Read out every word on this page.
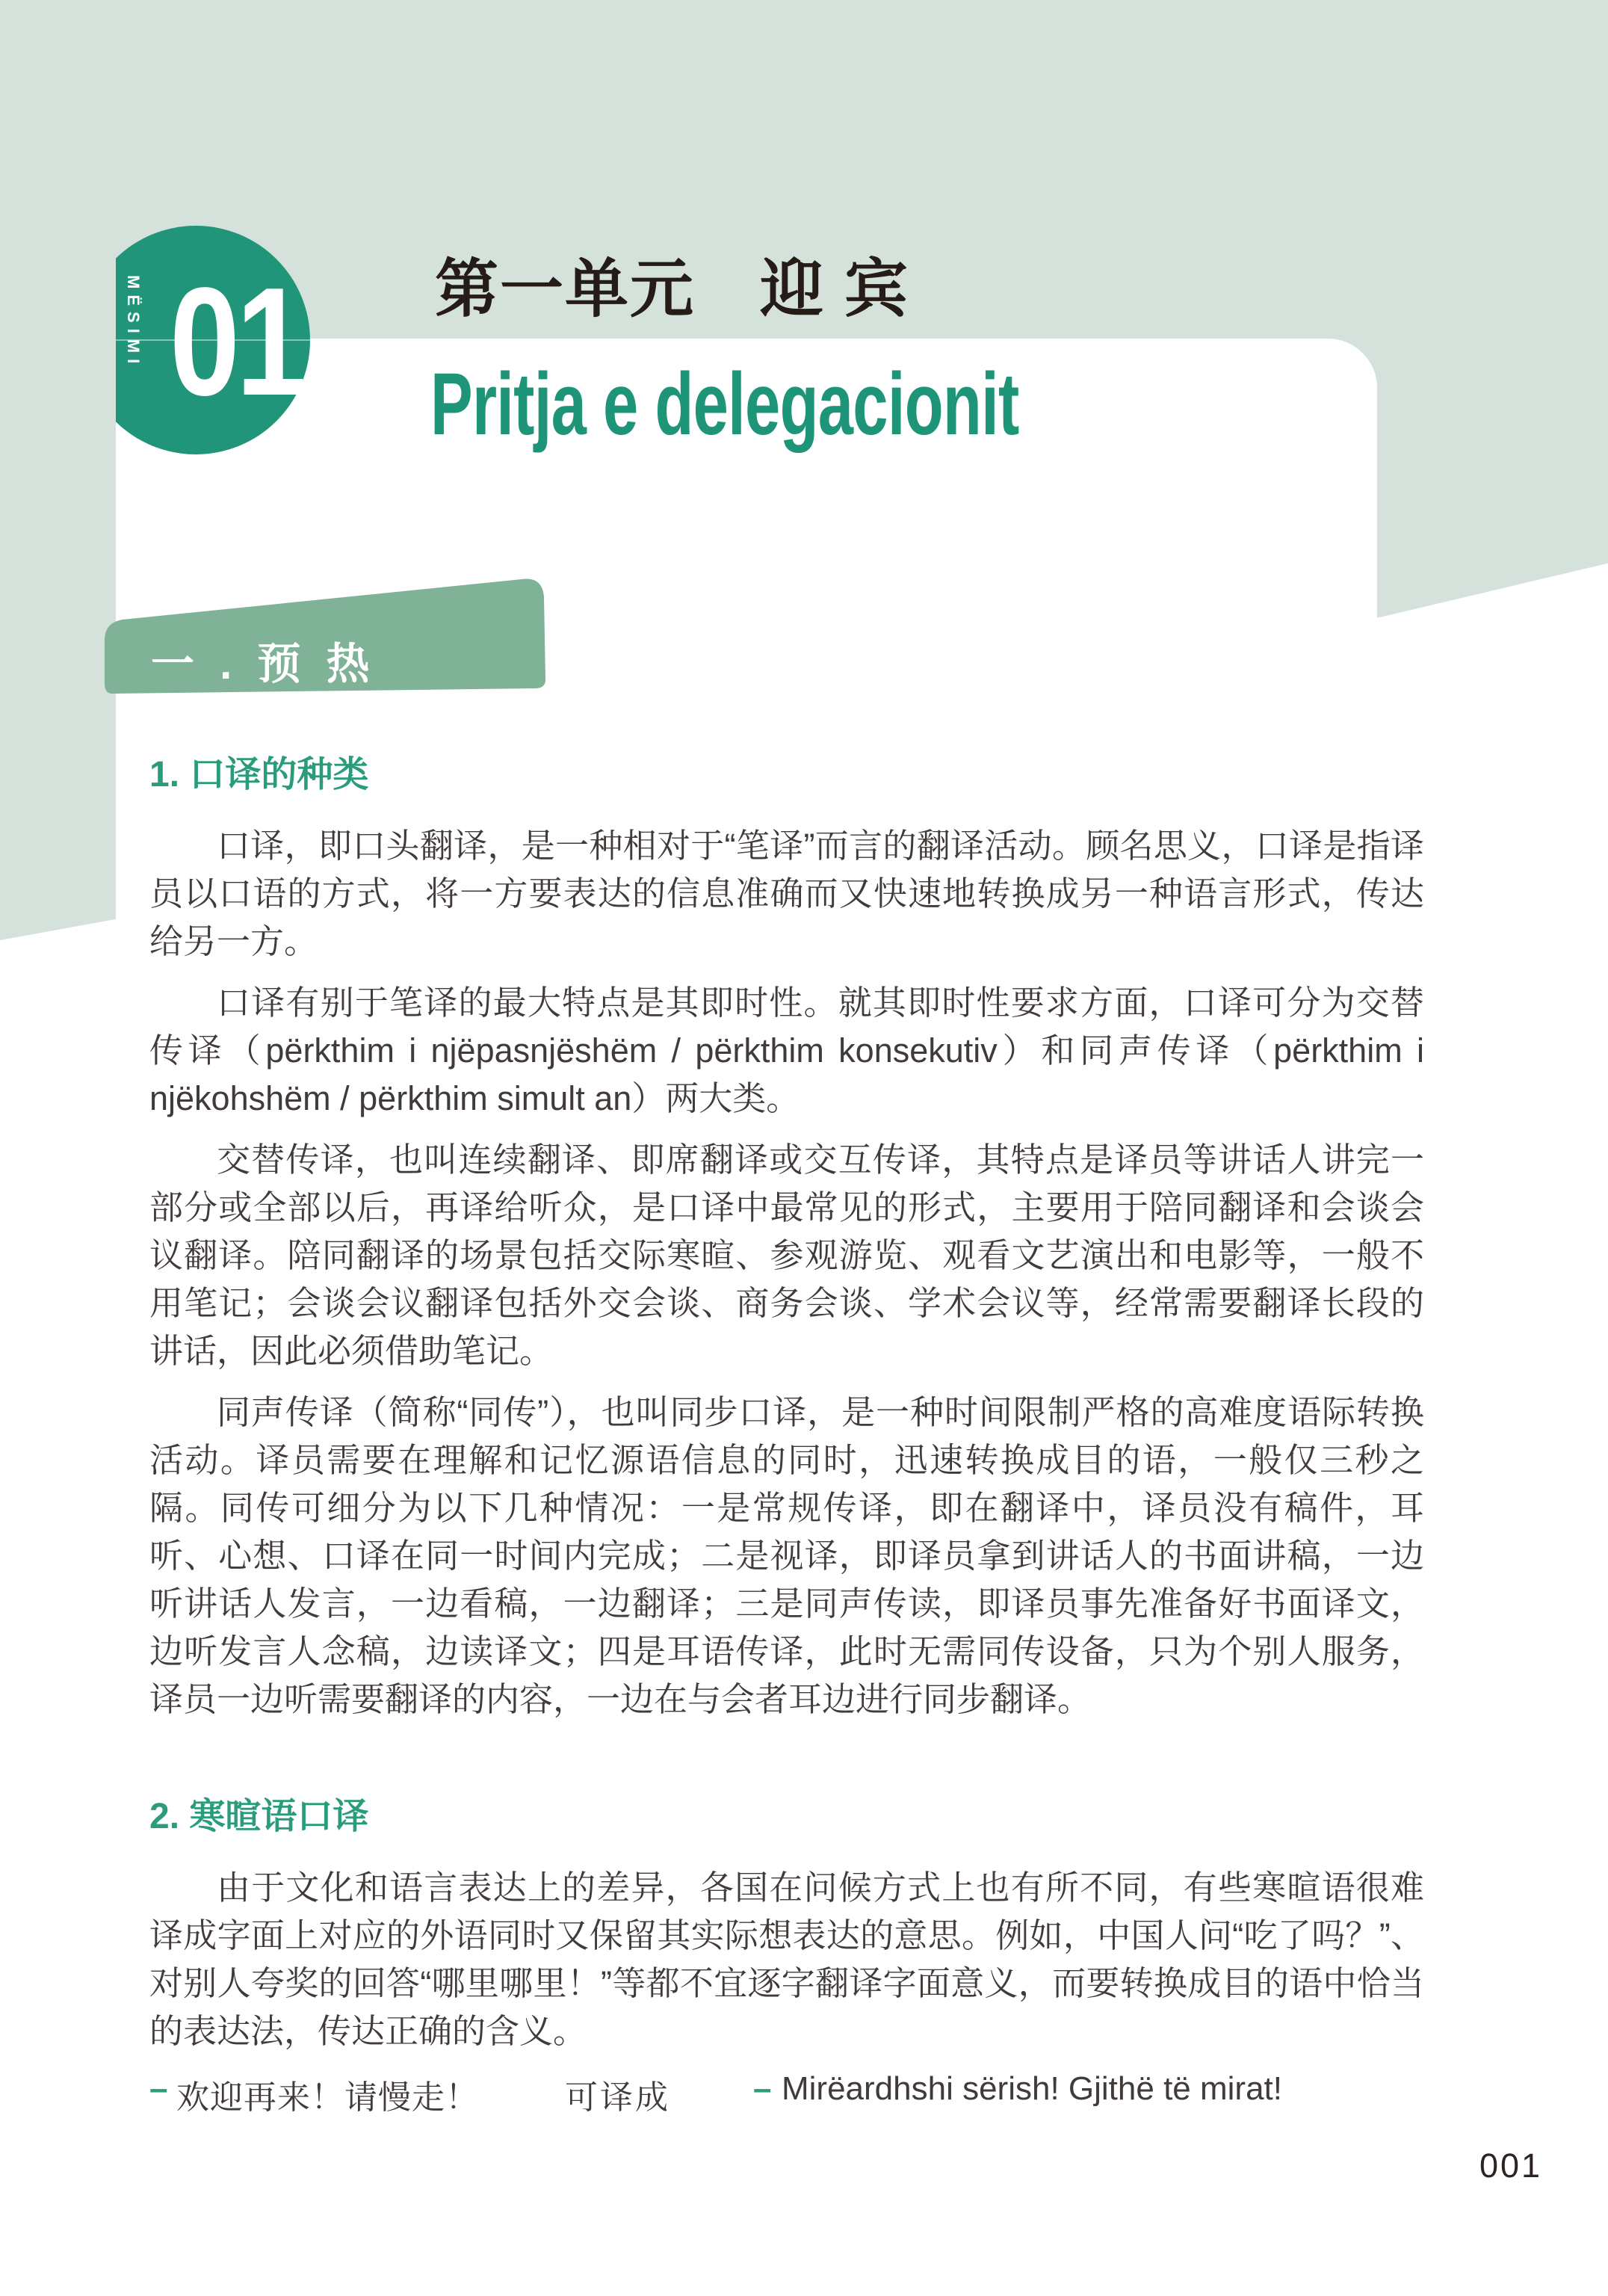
MËSIMI 01 第一单元　迎 宾
Pritja e delegacionit
一 . 预 热
1. 口译的种类

口译，即口头翻译，是一种相对于“笔译”而言的翻译活动。顾名思义，口译是指译员以口语的方式，将一方要表达的信息准确而又快速地转换成另一种语言形式，传达给另一方。

口译有别于笔译的最大特点是其即时性。就其即时性要求方面，口译可分为交替传译（përkthim i njëpasnjëshëm / përkthim konsekutiv）和同声传译（përkthim i njëkohshëm / përkthim simult an）两大类。

交替传译，也叫连续翻译、即席翻译或交互传译，其特点是译员等讲话人讲完一部分或全部以后，再译给听众，是口译中最常见的形式，主要用于陪同翻译和会谈会议翻译。陪同翻译的场景包括交际寒暄、参观游览、观看文艺演出和电影等，一般不用笔记；会谈会议翻译包括外交会谈、商务会谈、学术会议等，经常需要翻译长段的讲话，因此必须借助笔记。

同声传译（简称“同传”），也叫同步口译，是一种时间限制严格的高难度语际转换活动。译员需要在理解和记忆源语信息的同时，迅速转换成目的语，一般仅三秒之隔。同传可细分为以下几种情况：一是常规传译，即在翻译中，译员没有稿件，耳听、心想、口译在同一时间内完成；二是视译，即译员拿到讲话人的书面讲稿，一边听讲话人发言，一边看稿，一边翻译；三是同声传读，即译员事先准备好书面译文，边听发言人念稿，边读译文；四是耳语传译，此时无需同传设备，只为个别人服务，译员一边听需要翻译的内容，一边在与会者耳边进行同步翻译。

2. 寒暄语口译

由于文化和语言表达上的差异，各国在问候方式上也有所不同，有些寒暄语很难译成字面上对应的外语同时又保留其实际想表达的意思。例如，中国人问“吃了吗？”、对别人夸奖的回答“哪里哪里！”等都不宜逐字翻译字面意义，而要转换成目的语中恰当的表达法，传达正确的含义。

– 欢迎再来！请慢走！	可译成	– Mirëardhshi sërish! Gjithë të mirat!
001
